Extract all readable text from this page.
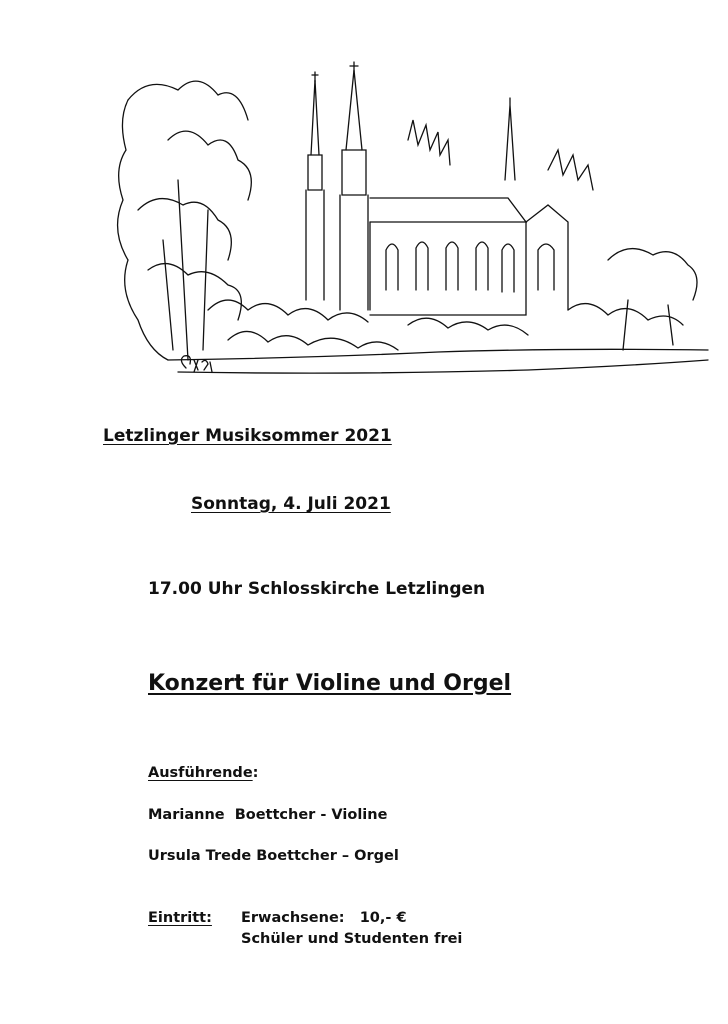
Letzlinger Musiksommer 2021
Sonntag, 4. Juli 2021
17.00 Uhr Schlosskirche Letzlingen
Konzert für Violine und Orgel
Ausführende:
Marianne  Boettcher - Violine
Ursula Trede Boettcher – Orgel
Eintritt: Erwachsene:   10,- €
Schüler und Studenten frei
